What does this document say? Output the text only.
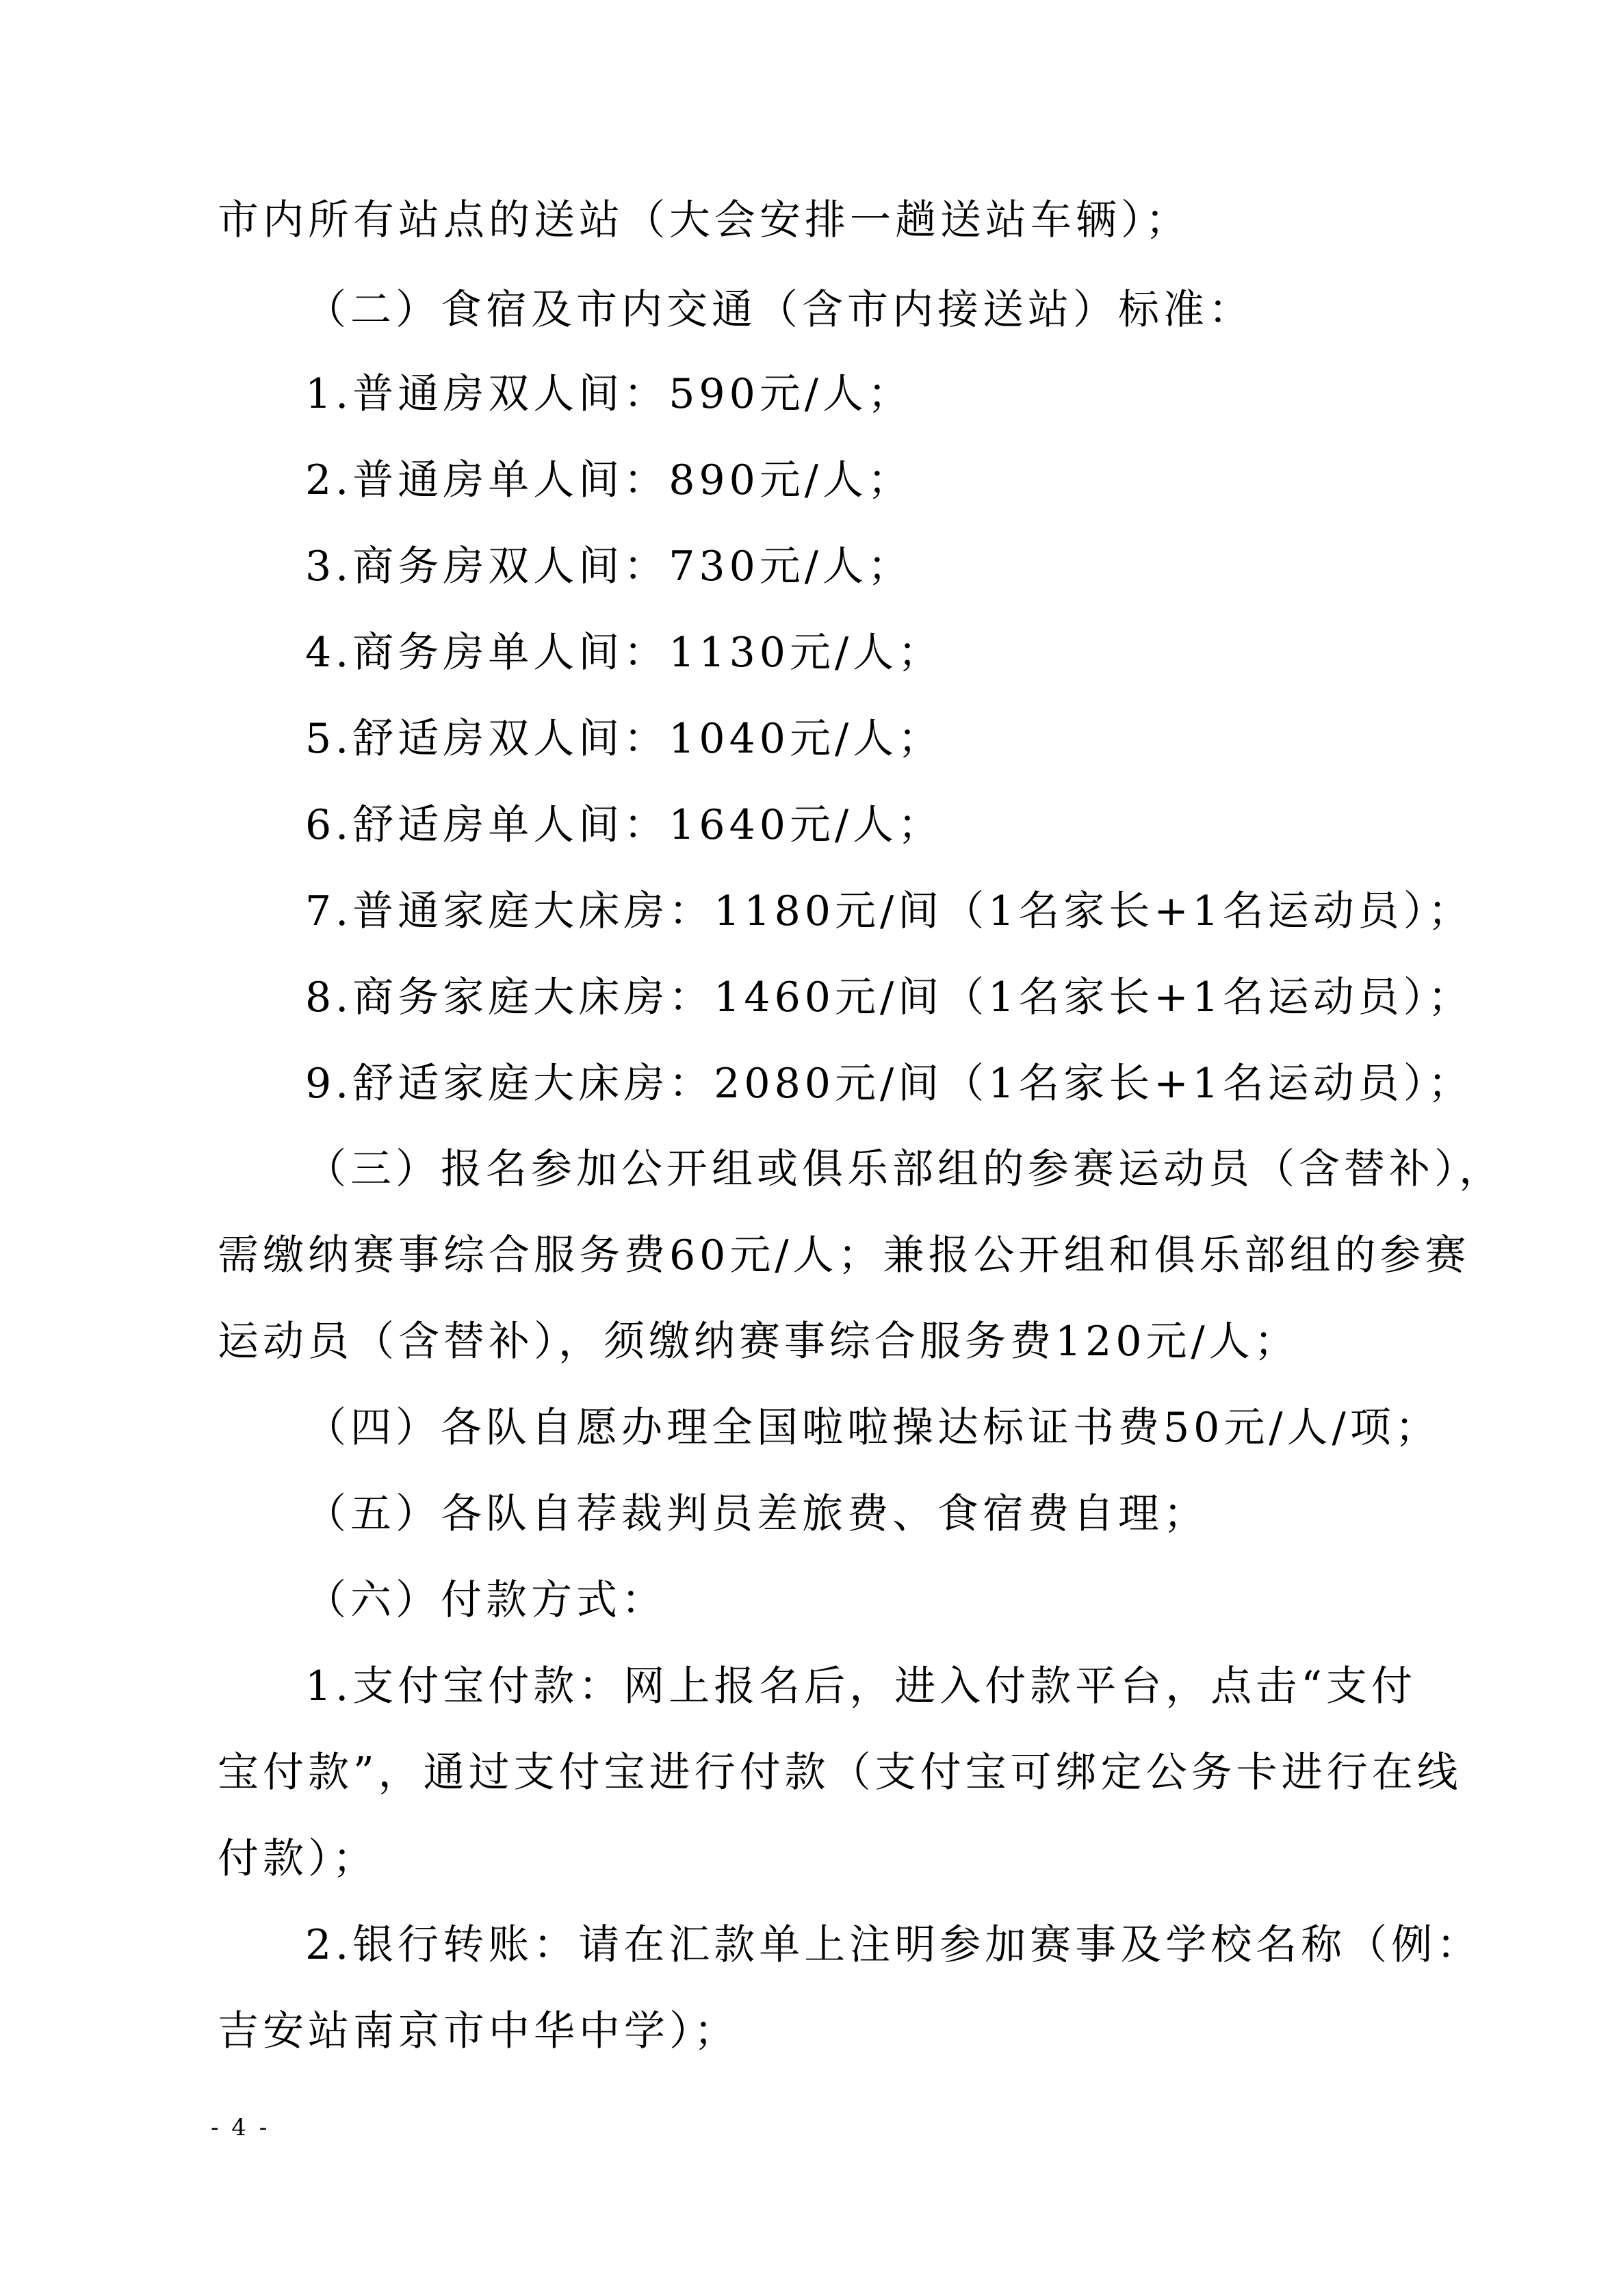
市内所有站点的送站（大会安排一趟送站车辆）；
（二）食宿及市内交通（含市内接送站）标准：
1.普通房双人间：590元/人；
2.普通房单人间：890元/人；
3.商务房双人间：730元/人；
4.商务房单人间：1130元/人；
5.舒适房双人间：1040元/人；
6.舒适房单人间：1640元/人；
7.普通家庭大床房：1180元/间（1名家长+1名运动员）；
8.商务家庭大床房：1460元/间（1名家长+1名运动员）；
9.舒适家庭大床房：2080元/间（1名家长+1名运动员）；
（三）报名参加公开组或俱乐部组的参赛运动员（含替补），
需缴纳赛事综合服务费60元/人；兼报公开组和俱乐部组的参赛
运动员（含替补），须缴纳赛事综合服务费120元/人；
（四）各队自愿办理全国啦啦操达标证书费50元/人/项；
（五）各队自荐裁判员差旅费、食宿费自理；
（六）付款方式：
1.支付宝付款：网上报名后，进入付款平台，点击“支付
宝付款”，通过支付宝进行付款（支付宝可绑定公务卡进行在线
付款）；
2.银行转账：请在汇款单上注明参加赛事及学校名称（例：
吉安站南京市中华中学）；
- 4 -
